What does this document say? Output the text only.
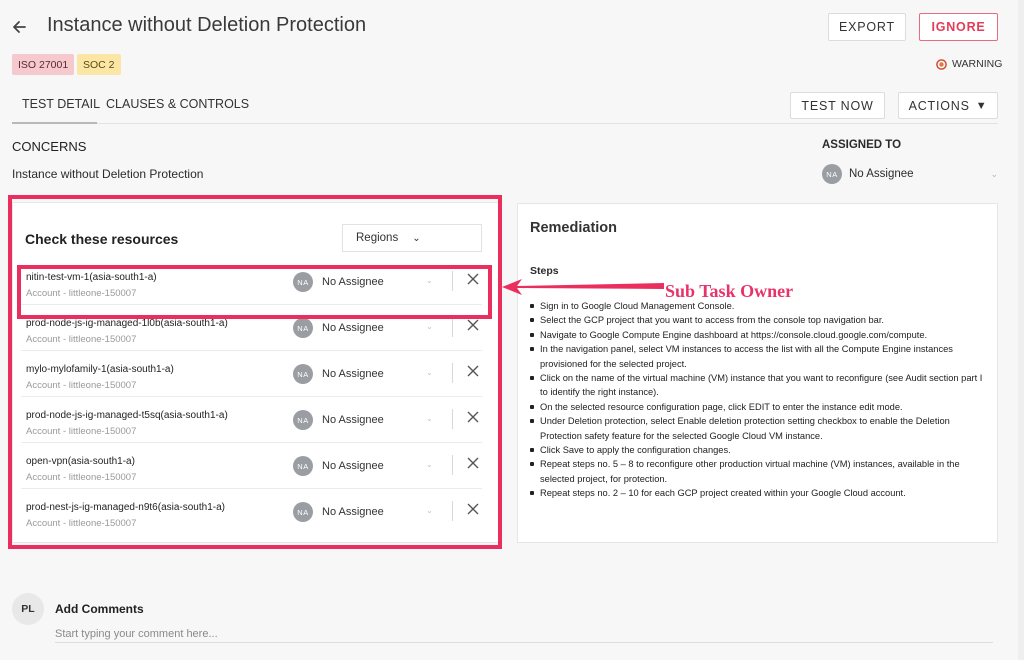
Instance without Deletion Protection	EXPORT	IGNORE
ISO 27001	SOC 2	WARNING
TEST DETAIL CLAUSES & CONTROLS	TEST NOW	ACTIONS ▼
CONCERNS
Instance without Deletion Protection
ASSIGNED TO
NA No Assignee	⌄
Check these resources	Regions ⌄
nitin-test-vm-1(asia-south1-a)
Account - littleone-150007
NA	No Assignee	⌄
prod-node-js-ig-managed-1l0b(asia-south1-a)
Account - littleone-150007
NA	No Assignee	⌄
mylo-mylofamily-1(asia-south1-a)
Account - littleone-150007
NA	No Assignee	⌄
prod-node-js-ig-managed-t5sq(asia-south1-a)
Account - littleone-150007
NA	No Assignee	⌄
open-vpn(asia-south1-a)
Account - littleone-150007
NA	No Assignee	⌄
prod-nest-js-ig-managed-n9t6(asia-south1-a)
Account - littleone-150007
NA	No Assignee	⌄
Remediation
Steps
Sign in to Google Cloud Management Console.
Select the GCP project that you want to access from the console top navigation bar.
Navigate to Google Compute Engine dashboard at https://console.cloud.google.com/compute.
In the navigation panel, select VM instances to access the list with all the Compute Engine instances provisioned for the selected project.
Click on the name of the virtual machine (VM) instance that you want to reconfigure (see Audit section part I to identify the right instance).
On the selected resource configuration page, click EDIT to enter the instance edit mode.
Under Deletion protection, select Enable deletion protection setting checkbox to enable the Deletion Protection safety feature for the selected Google Cloud VM instance.
Click Save to apply the configuration changes.
Repeat steps no. 5 – 8 to reconfigure other production virtual machine (VM) instances, available in the selected project, for protection.
Repeat steps no. 2 – 10 for each GCP project created within your Google Cloud account.
Sub Task Owner
PL	Add Comments
Start typing your comment here...
